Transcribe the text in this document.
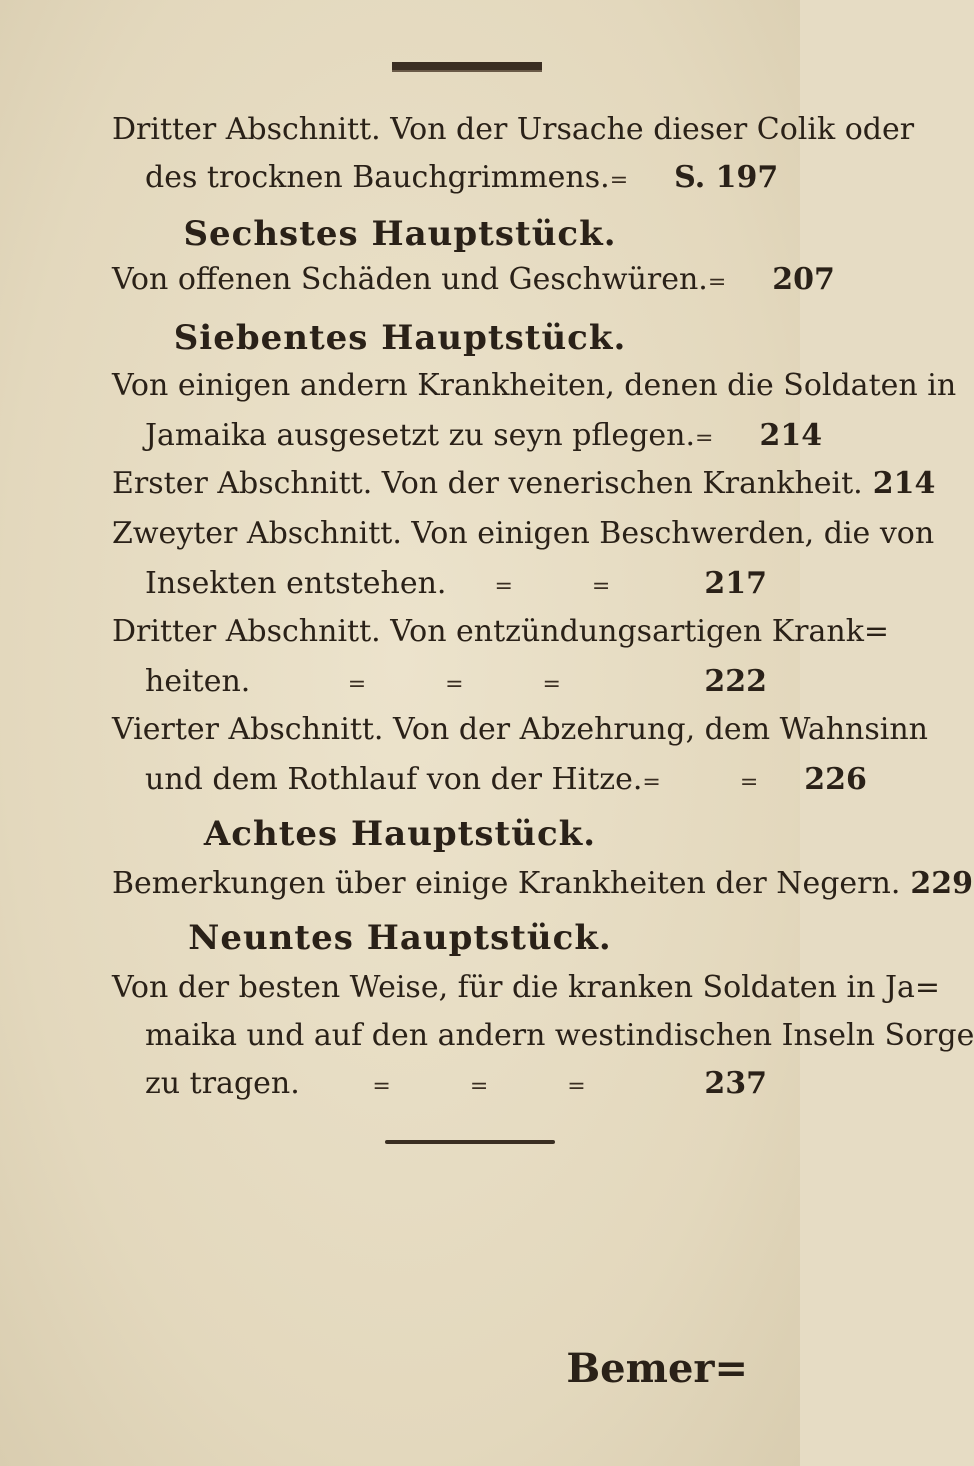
Dritter Abschnitt. Von der Ursache dieser Colik oder
des trocknen Bauchgrimmens. = S. 197
Sechstes Hauptstück.
Von offenen Schäden und Geschwüren. = 207
Siebentes Hauptstück.
Von einigen andern Krankheiten, denen die Soldaten in
Jamaika ausgesetzt zu seyn pflegen. = 214
Erster Abschnitt. Von der venerischen Krankheit. 214
Zweyter Abschnitt. Von einigen Beschwerden, die von
Insekten entstehen.	= =	217
Dritter Abschnitt. Von entzündungsartigen Krank=
heiten.	= = =	222
Vierter Abschnitt. Von der Abzehrung, dem Wahnsinn
und dem Rothlauf von der Hitze. = = 226
Achtes Hauptstück.
Bemerkungen über einige Krankheiten der Negern. 229
Neuntes Hauptstück.
Von der besten Weise, für die kranken Soldaten in Ja=
maika und auf den andern westindischen Inseln Sorge
zu tragen.	= = =	237
Bemer=
